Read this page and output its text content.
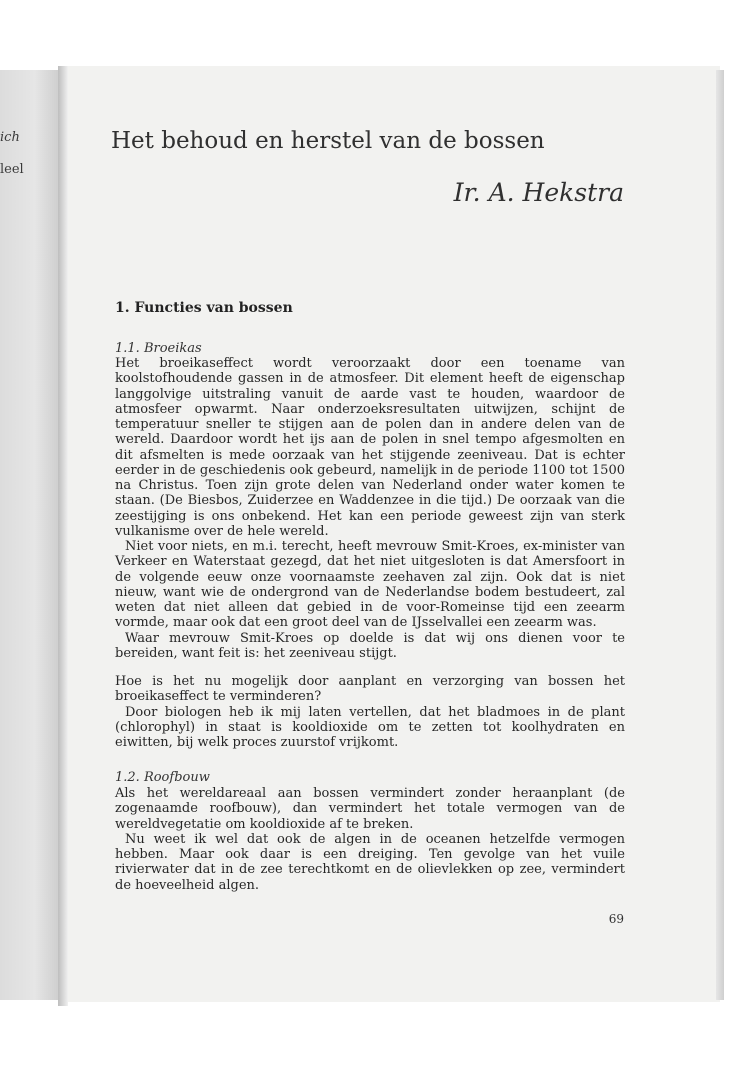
ich
leel
Het behoud en herstel van de bossen
Ir. A. Hekstra
1. Functies van bossen
1.1. Broeikas

Het broeikaseffect wordt veroorzaakt door een toename van koolstofhoudende gassen in de atmosfeer. Dit element heeft de eigenschap langgolvige uitstraling vanuit de aarde vast te houden, waardoor de atmosfeer opwarmt. Naar onderzoeksresultaten uitwijzen, schijnt de temperatuur sneller te stijgen aan de polen dan in andere delen van de wereld. Daardoor wordt het ijs aan de polen in snel tempo afgesmolten en dit afsmelten is mede oorzaak van het stijgende zeeniveau. Dat is echter eerder in de geschiedenis ook gebeurd, namelijk in de periode 1100 tot 1500 na Christus. Toen zijn grote delen van Nederland onder water komen te staan. (De Biesbos, Zuiderzee en Waddenzee in die tijd.) De oorzaak van die zeestijging is ons onbekend. Het kan een periode geweest zijn van sterk vulkanisme over de hele wereld.

Niet voor niets, en m.i. terecht, heeft mevrouw Smit-Kroes, ex-minister van Verkeer en Waterstaat gezegd, dat het niet uitgesloten is dat Amersfoort in de volgende eeuw onze voornaamste zeehaven zal zijn. Ook dat is niet nieuw, want wie de ondergrond van de Nederlandse bodem bestudeert, zal weten dat niet alleen dat gebied in de voor-Romeinse tijd een zeearm vormde, maar ook dat een groot deel van de IJsselvallei een zeearm was.

Waar mevrouw Smit-Kroes op doelde is dat wij ons dienen voor te bereiden, want feit is: het zeeniveau stijgt.

Hoe is het nu mogelijk door aanplant en verzorging van bossen het broeikaseffect te verminderen?

Door biologen heb ik mij laten vertellen, dat het bladmoes in de plant (chlorophyl) in staat is kooldioxide om te zetten tot koolhydraten en eiwitten, bij welk proces zuurstof vrijkomt.

1.2. Roofbouw

Als het wereldareaal aan bossen vermindert zonder heraanplant (de zogenaamde roofbouw), dan vermindert het totale vermogen van de wereldvegetatie om kooldioxide af te breken.

Nu weet ik wel dat ook de algen in de oceanen hetzelfde vermogen hebben. Maar ook daar is een dreiging. Ten gevolge van het vuile rivierwater dat in de zee terechtkomt en de olievlekken op zee, vermindert de hoeveelheid algen.

69
